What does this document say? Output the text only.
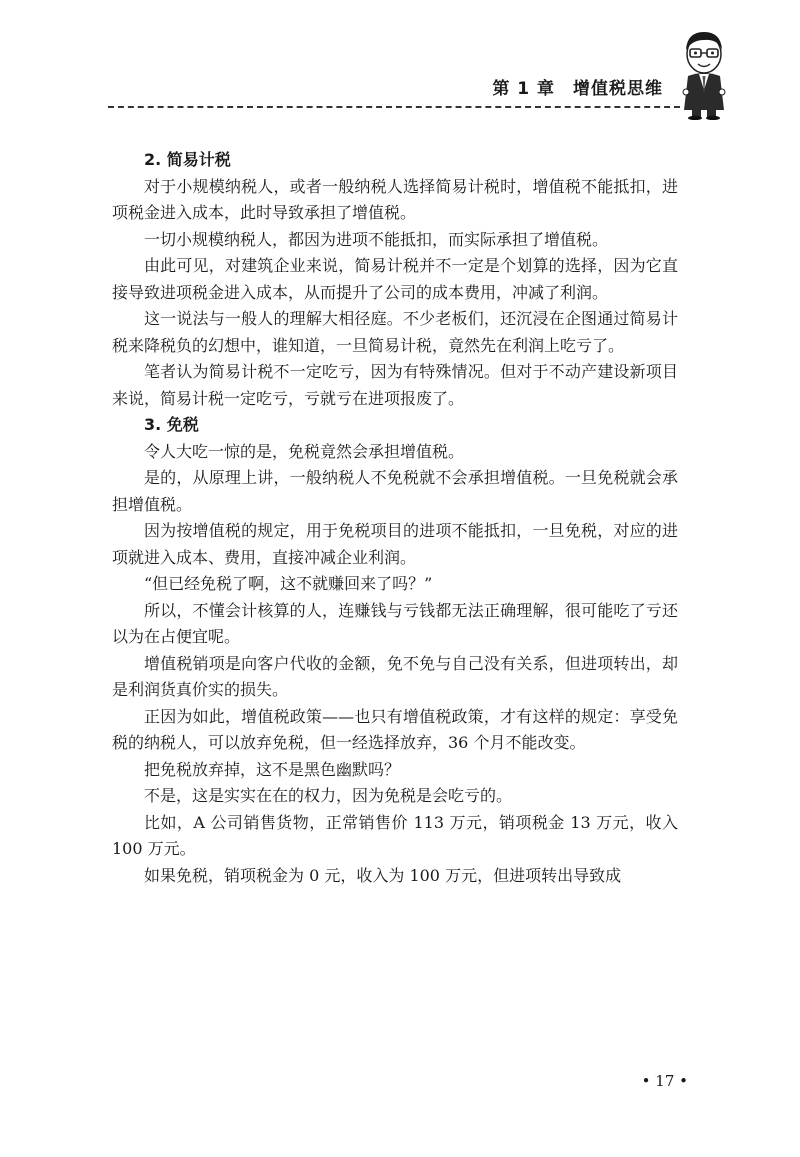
第 1 章　增值税思维
2. 简易计税

对于小规模纳税人，或者一般纳税人选择简易计税时，增值税不能抵扣，进项税金进入成本，此时导致承担了增值税。

一切小规模纳税人，都因为进项不能抵扣，而实际承担了增值税。

由此可见，对建筑企业来说，简易计税并不一定是个划算的选择，因为它直接导致进项税金进入成本，从而提升了公司的成本费用，冲减了利润。

这一说法与一般人的理解大相径庭。不少老板们，还沉浸在企图通过简易计税来降税负的幻想中，谁知道，一旦简易计税，竟然先在利润上吃亏了。

笔者认为简易计税不一定吃亏，因为有特殊情况。但对于不动产建设新项目来说，简易计税一定吃亏，亏就亏在进项报废了。

3. 免税

令人大吃一惊的是，免税竟然会承担增值税。

是的，从原理上讲，一般纳税人不免税就不会承担增值税。一旦免税就会承担增值税。

因为按增值税的规定，用于免税项目的进项不能抵扣，一旦免税，对应的进项就进入成本、费用，直接冲减企业利润。

“但已经免税了啊，这不就赚回来了吗？”

所以，不懂会计核算的人，连赚钱与亏钱都无法正确理解，很可能吃了亏还以为在占便宜呢。

增值税销项是向客户代收的金额，免不免与自己没有关系，但进项转出，却是利润货真价实的损失。

正因为如此，增值税政策——也只有增值税政策，才有这样的规定：享受免税的纳税人，可以放弃免税，但一经选择放弃，36 个月不能改变。

把免税放弃掉，这不是黑色幽默吗？

不是，这是实实在在的权力，因为免税是会吃亏的。

比如，A 公司销售货物，正常销售价 113 万元，销项税金 13 万元，收入 100 万元。

如果免税，销项税金为 0 元，收入为 100 万元，但进项转出导致成

• 17 •
